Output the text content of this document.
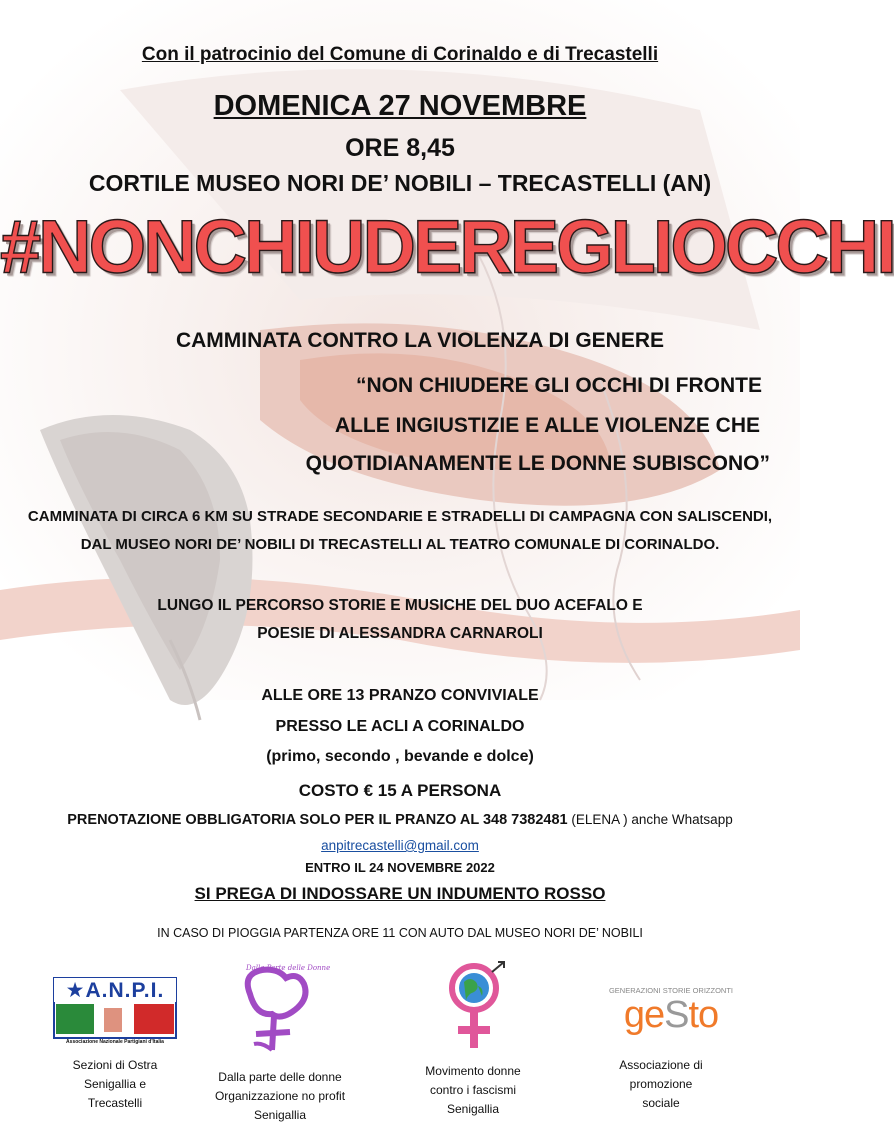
Con il patrocinio del Comune di Corinaldo e di Trecastelli
DOMENICA 27 NOVEMBRE
ORE 8,45
CORTILE MUSEO NORI DE’ NOBILI – TRECASTELLI (AN)
#NONCHIUDEREGLIOCCHI
CAMMINATA CONTRO LA VIOLENZA DI GENERE
“NON CHIUDERE GLI OCCHI DI FRONTE
ALLE INGIUSTIZIE E ALLE VIOLENZE CHE
QUOTIDIANAMENTE LE DONNE SUBISCONO”
CAMMINATA DI CIRCA 6 KM SU STRADE SECONDARIE E STRADELLI DI CAMPAGNA CON SALISCENDI,
DAL MUSEO NORI DE’ NOBILI DI TRECASTELLI AL TEATRO COMUNALE DI CORINALDO.
LUNGO IL PERCORSO STORIE E MUSICHE DEL DUO ACEFALO E
POESIE DI ALESSANDRA CARNAROLI
ALLE ORE 13 PRANZO CONVIVIALE
PRESSO LE ACLI A CORINALDO
(primo, secondo , bevande e dolce)
COSTO € 15 A PERSONA
PRENOTAZIONE OBBLIGATORIA SOLO PER IL PRANZO AL 348 7382481 (ELENA ) anche Whatsapp
anpitrecastelli@gmail.com
ENTRO IL 24 NOVEMBRE 2022
SI PREGA DI INDOSSARE UN INDUMENTO ROSSO
IN CASO DI PIOGGIA PARTENZA ORE 11 CON AUTO DAL MUSEO NORI DE’ NOBILI
★A.N.P.I.
Associazione Nazionale Partigiani d'Italia
Sezioni di Ostra
Senigallia e
Trecastelli
Dalla Parte delle Donne
Dalla parte delle donne
Organizzazione no profit
Senigallia
Movimento donne
contro i fascismi
Senigallia
GENERAZIONI STORIE ORIZZONTI
geSto
Associazione di
promozione
sociale
